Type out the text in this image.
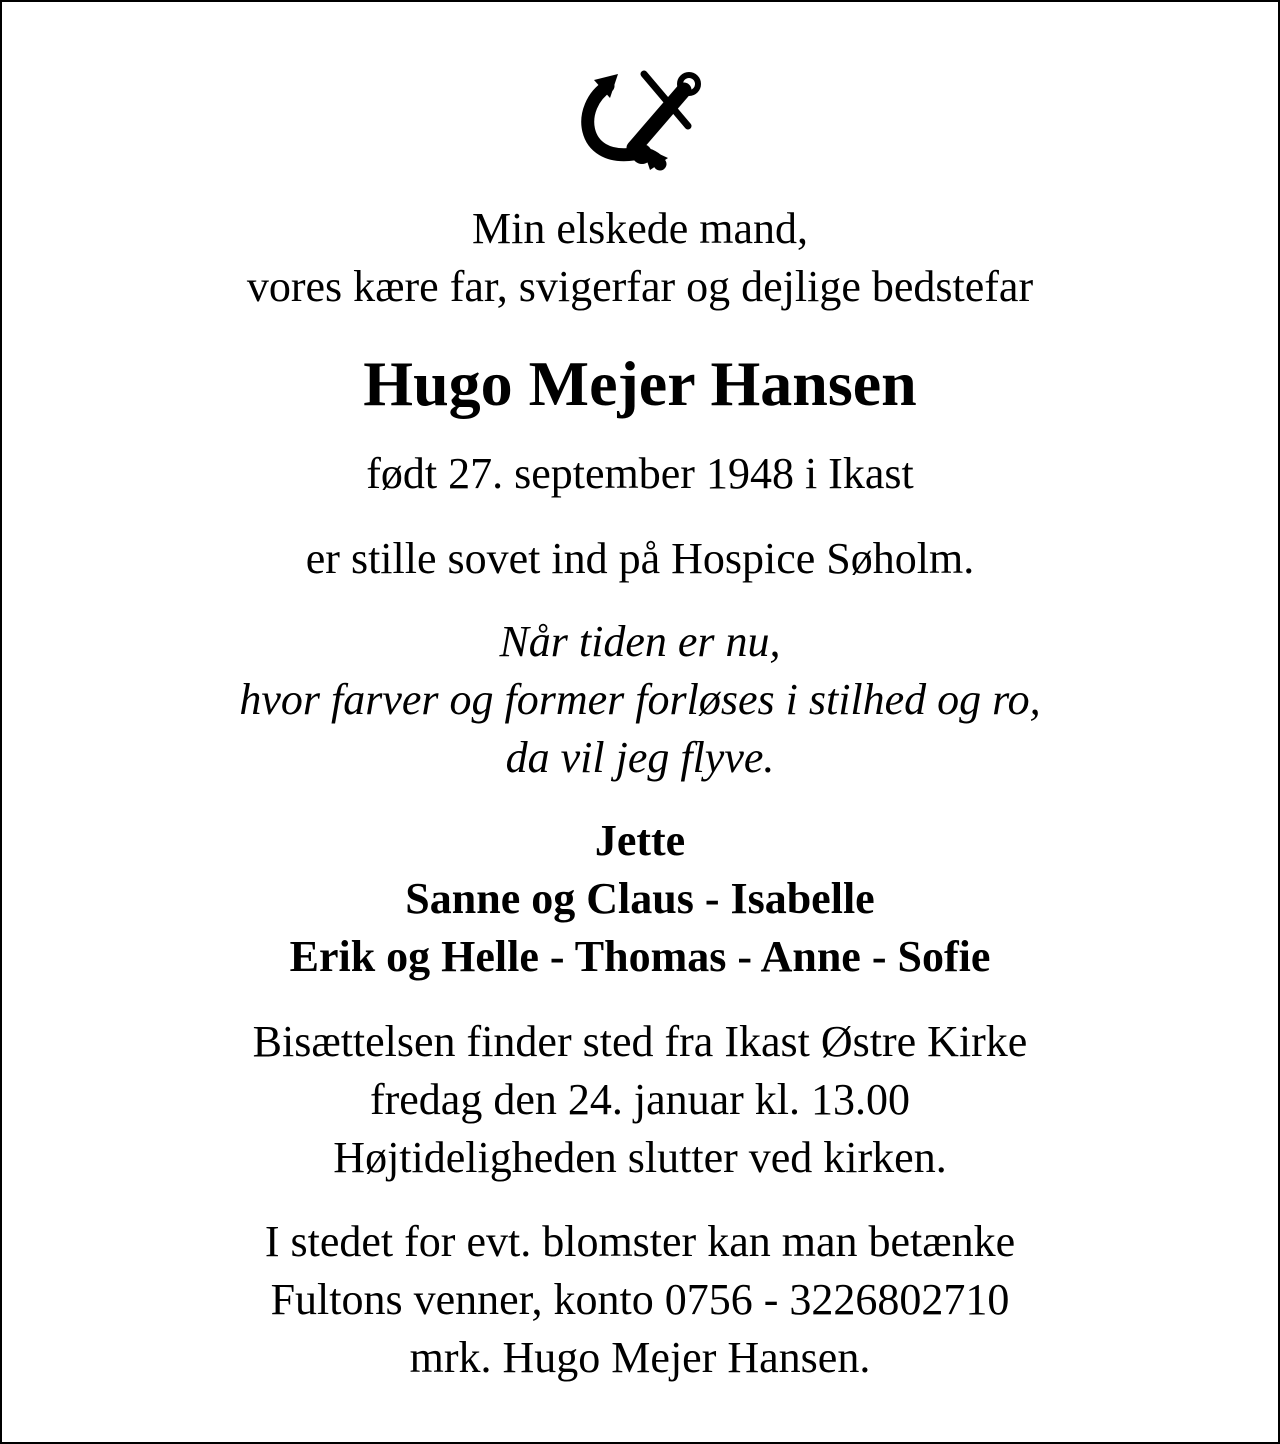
Min elskede mand,
vores kære far, svigerfar og dejlige bedstefar
Hugo Mejer Hansen
født 27. september 1948 i Ikast
er stille sovet ind på Hospice Søholm.
Når tiden er nu,
hvor farver og former forløses i stilhed og ro,
da vil jeg flyve.
Jette
Sanne og Claus - Isabelle
Erik og Helle - Thomas - Anne - Sofie
Bisættelsen finder sted fra Ikast Østre Kirke
fredag den 24. januar kl. 13.00
Højtideligheden slutter ved kirken.
I stedet for evt. blomster kan man betænke
Fultons venner, konto 0756 - 3226802710
mrk. Hugo Mejer Hansen.
